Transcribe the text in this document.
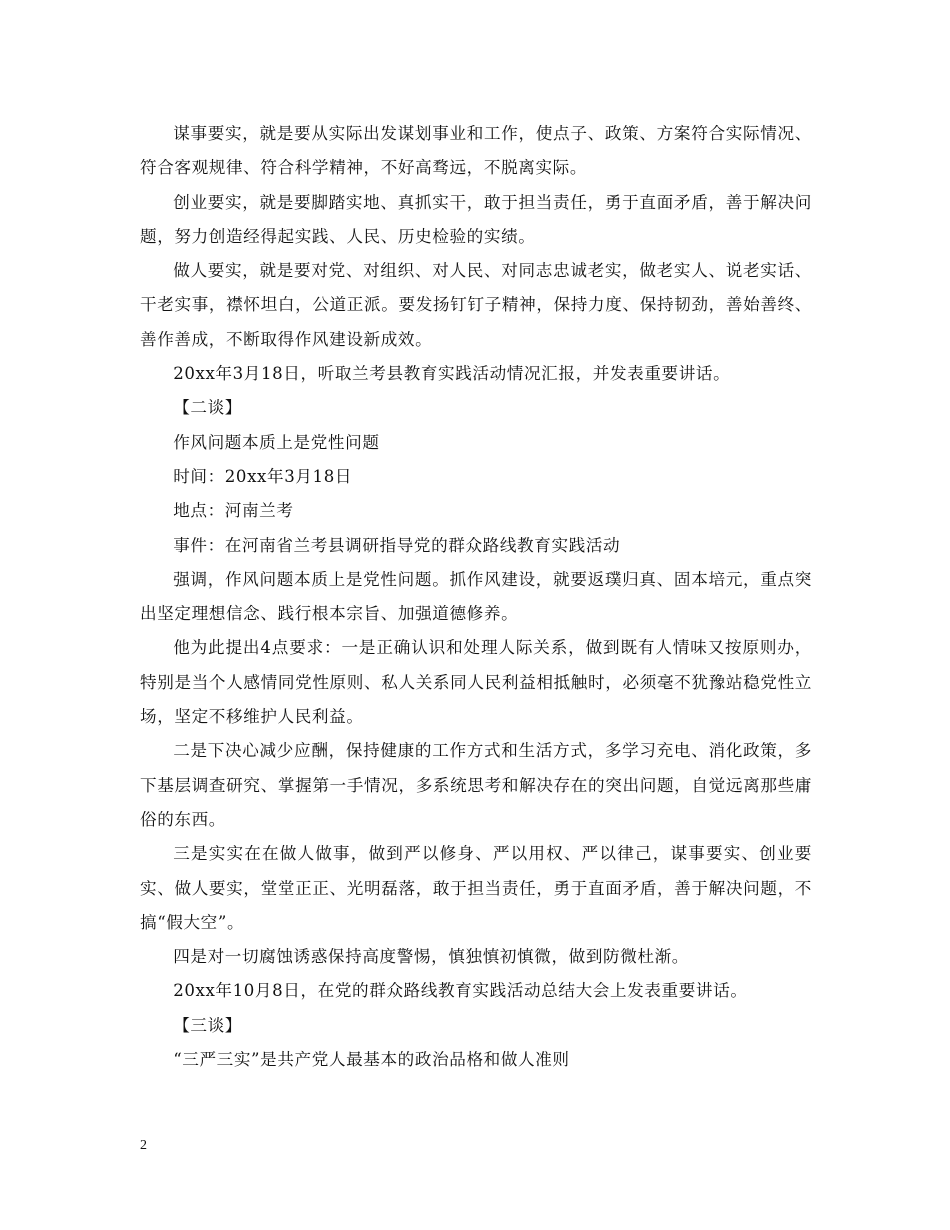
谋事要实，就是要从实际出发谋划事业和工作，使点子、政策、方案符合实际情况、符合客观规律、符合科学精神，不好高骛远，不脱离实际。

创业要实，就是要脚踏实地、真抓实干，敢于担当责任，勇于直面矛盾，善于解决问题，努力创造经得起实践、人民、历史检验的实绩。

做人要实，就是要对党、对组织、对人民、对同志忠诚老实，做老实人、说老实话、干老实事，襟怀坦白，公道正派。要发扬钉钉子精神，保持力度、保持韧劲，善始善终、善作善成，不断取得作风建设新成效。

20xx年3月18日，听取兰考县教育实践活动情况汇报，并发表重要讲话。

【二谈】

作风问题本质上是党性问题

时间：20xx年3月18日

地点：河南兰考

事件：在河南省兰考县调研指导党的群众路线教育实践活动

强调，作风问题本质上是党性问题。抓作风建设，就要返璞归真、固本培元，重点突出坚定理想信念、践行根本宗旨、加强道德修养。

他为此提出4点要求：一是正确认识和处理人际关系，做到既有人情味又按原则办，特别是当个人感情同党性原则、私人关系同人民利益相抵触时，必须毫不犹豫站稳党性立场，坚定不移维护人民利益。

二是下决心减少应酬，保持健康的工作方式和生活方式，多学习充电、消化政策，多下基层调查研究、掌握第一手情况，多系统思考和解决存在的突出问题，自觉远离那些庸俗的东西。

三是实实在在做人做事，做到严以修身、严以用权、严以律己，谋事要实、创业要实、做人要实，堂堂正正、光明磊落，敢于担当责任，勇于直面矛盾，善于解决问题，不搞“假大空”。

四是对一切腐蚀诱惑保持高度警惕，慎独慎初慎微，做到防微杜渐。

20xx年10月8日，在党的群众路线教育实践活动总结大会上发表重要讲话。

【三谈】

“三严三实”是共产党人最基本的政治品格和做人准则

2
